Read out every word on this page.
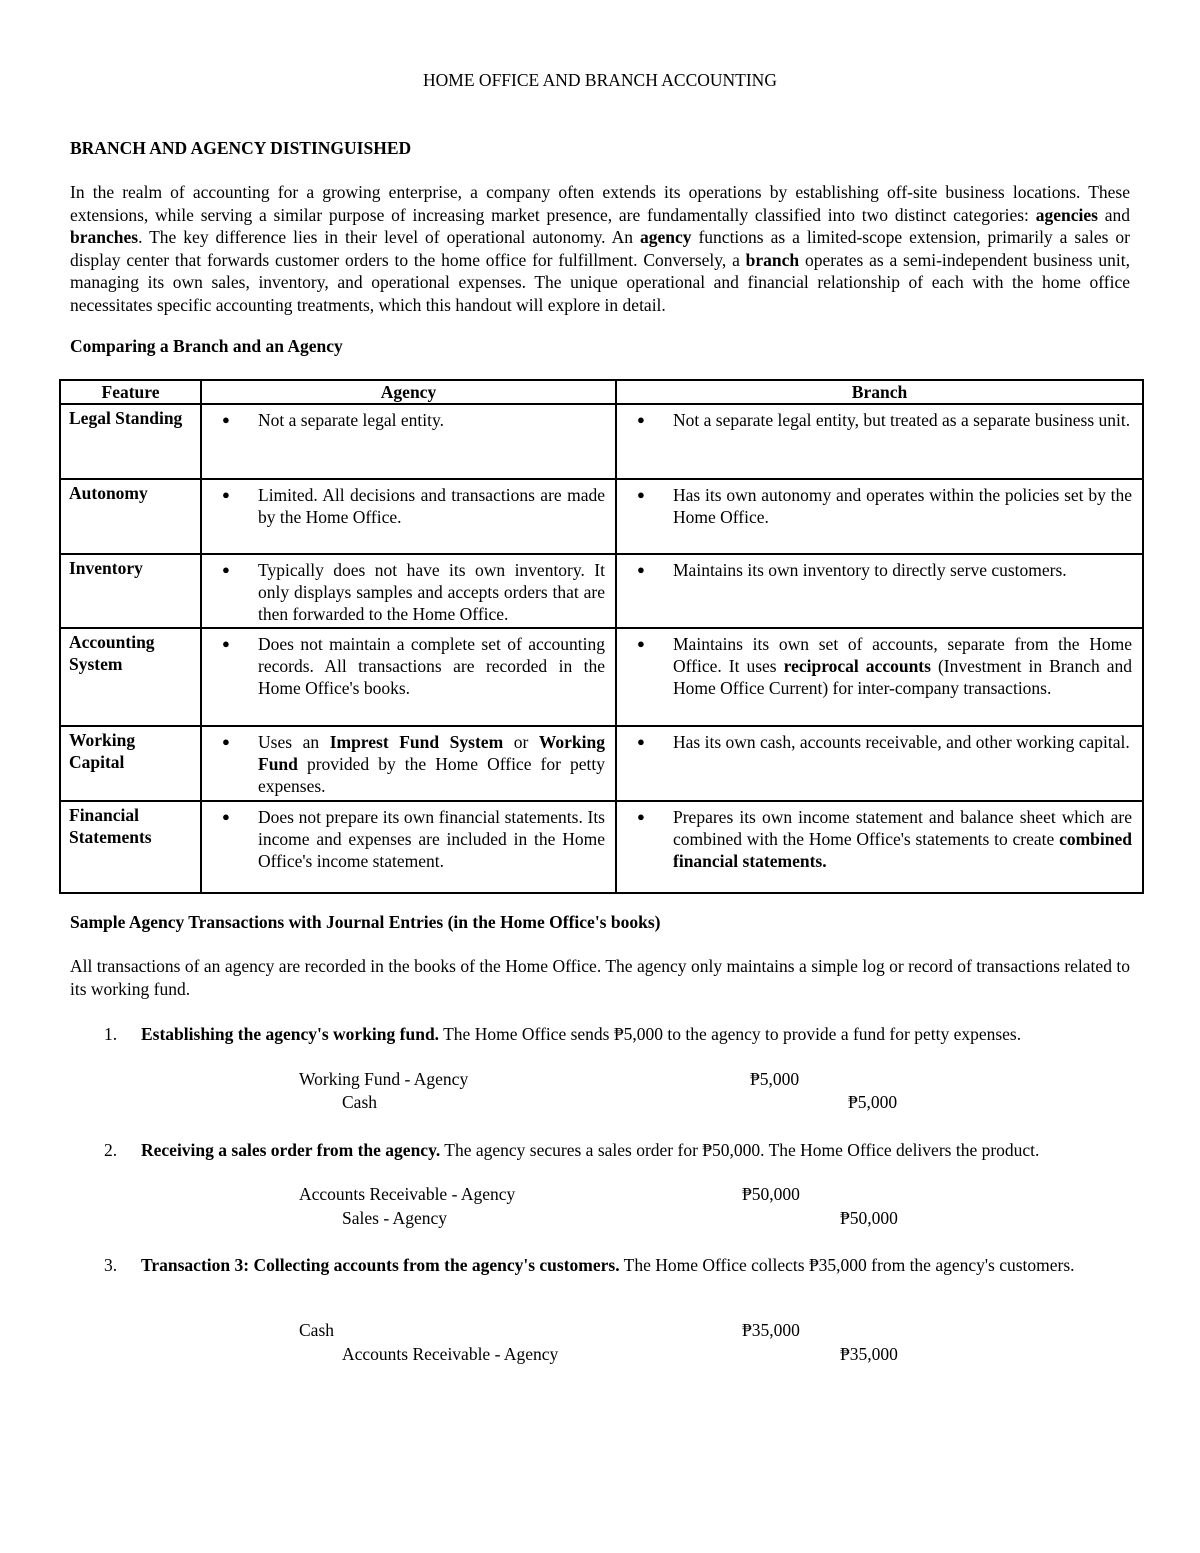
HOME OFFICE AND BRANCH ACCOUNTING
BRANCH AND AGENCY DISTINGUISHED

In the realm of accounting for a growing enterprise, a company often extends its operations by establishing off-site business locations. These extensions, while serving a similar purpose of increasing market presence, are fundamentally classified into two distinct categories: agencies and branches. The key difference lies in their level of operational autonomy. An agency functions as a limited-scope extension, primarily a sales or display center that forwards customer orders to the home office for fulfillment. Conversely, a branch operates as a semi-independent business unit, managing its own sales, inventory, and operational expenses. The unique operational and financial relationship of each with the home office necessitates specific accounting treatments, which this handout will explore in detail.

Comparing a Branch and an Agency
Feature	Agency	Branch
Legal Standing	● Not a separate legal entity.	● Not a separate legal entity, but treated as a separate business unit.

Autonomy	● Limited. All decisions and transactions are made by the Home Office.	● Has its own autonomy and operates within the policies set by the Home Office.

Inventory	● Typically does not have its own inventory. It only displays samples and accepts orders that are then forwarded to the Home Office.	● Maintains its own inventory to directly serve customers.

Accounting System	● Does not maintain a complete set of accounting records. All transactions are recorded in the Home Office's books.	● Maintains its own set of accounts, separate from the Home Office. It uses reciprocal accounts (Investment in Branch and Home Office Current) for inter-company transactions.

Working Capital	● Uses an Imprest Fund System or Working Fund provided by the Home Office for petty expenses.	● Has its own cash, accounts receivable, and other working capital.

Financial Statements	● Does not prepare its own financial statements. Its income and expenses are included in the Home Office's income statement.	● Prepares its own income statement and balance sheet which are combined with the Home Office's statements to create combined financial statements.
Sample Agency Transactions with Journal Entries (in the Home Office's books)

All transactions of an agency are recorded in the books of the Home Office. The agency only maintains a simple log or record of transactions related to its working fund.

1.	Establishing the agency's working fund. The Home Office sends ₱5,000 to the agency to provide a fund for petty expenses.
Working Fund - Agency	₱5,000
Cash	₱5,000
2.	Receiving a sales order from the agency. The agency secures a sales order for ₱50,000. The Home Office delivers the product.
Accounts Receivable - Agency	₱50,000
Sales - Agency	₱50,000
3.	Transaction 3: Collecting accounts from the agency's customers. The Home Office collects ₱35,000 from the agency's customers.
Cash	₱35,000
Accounts Receivable - Agency	₱35,000
